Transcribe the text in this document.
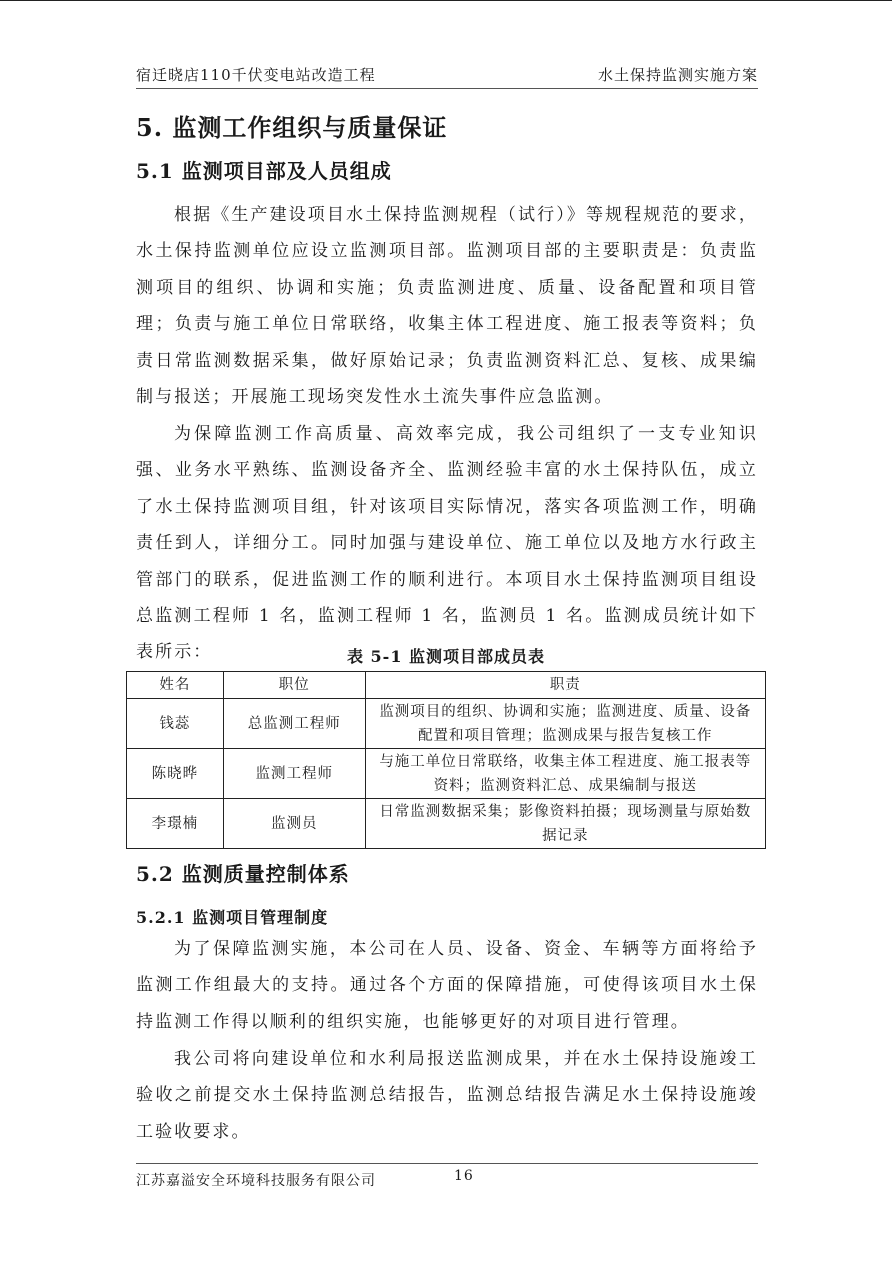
宿迁晓店110千伏变电站改造工程	水土保持监测实施方案
5. 监测工作组织与质量保证
5.1 监测项目部及人员组成

根据《生产建设项目水土保持监测规程（试行）》等规程规范的要求，水土保持监测单位应设立监测项目部。监测项目部的主要职责是：负责监测项目的组织、协调和实施；负责监测进度、质量、设备配置和项目管理；负责与施工单位日常联络，收集主体工程进度、施工报表等资料；负责日常监测数据采集，做好原始记录；负责监测资料汇总、复核、成果编制与报送；开展施工现场突发性水土流失事件应急监测。

为保障监测工作高质量、高效率完成，我公司组织了一支专业知识强、业务水平熟练、监测设备齐全、监测经验丰富的水土保持队伍，成立了水土保持监测项目组，针对该项目实际情况，落实各项监测工作，明确责任到人，详细分工。同时加强与建设单位、施工单位以及地方水行政主管部门的联系，促进监测工作的顺利进行。本项目水土保持监测项目组设总监测工程师 1 名，监测工程师 1 名，监测员 1 名。监测成员统计如下表所示：	表 5-1 监测项目部成员表
姓名	职位	职责
钱蕊	总监测工程师	监测项目的组织、协调和实施；监测进度、质量、设备配置和项目管理；监测成果与报告复核工作
陈晓晔	监测工程师	与施工单位日常联络，收集主体工程进度、施工报表等资料；监测资料汇总、成果编制与报送
李璟楠	监测员	日常监测数据采集；影像资料拍摄；现场测量与原始数据记录
5.2 监测质量控制体系
5.2.1 监测项目管理制度

为了保障监测实施，本公司在人员、设备、资金、车辆等方面将给予监测工作组最大的支持。通过各个方面的保障措施，可使得该项目水土保持监测工作得以顺利的组织实施，也能够更好的对项目进行管理。

我公司将向建设单位和水利局报送监测成果，并在水土保持设施竣工验收之前提交水土保持监测总结报告，监测总结报告满足水土保持设施竣工验收要求。

江苏嘉溢安全环境科技服务有限公司	16
